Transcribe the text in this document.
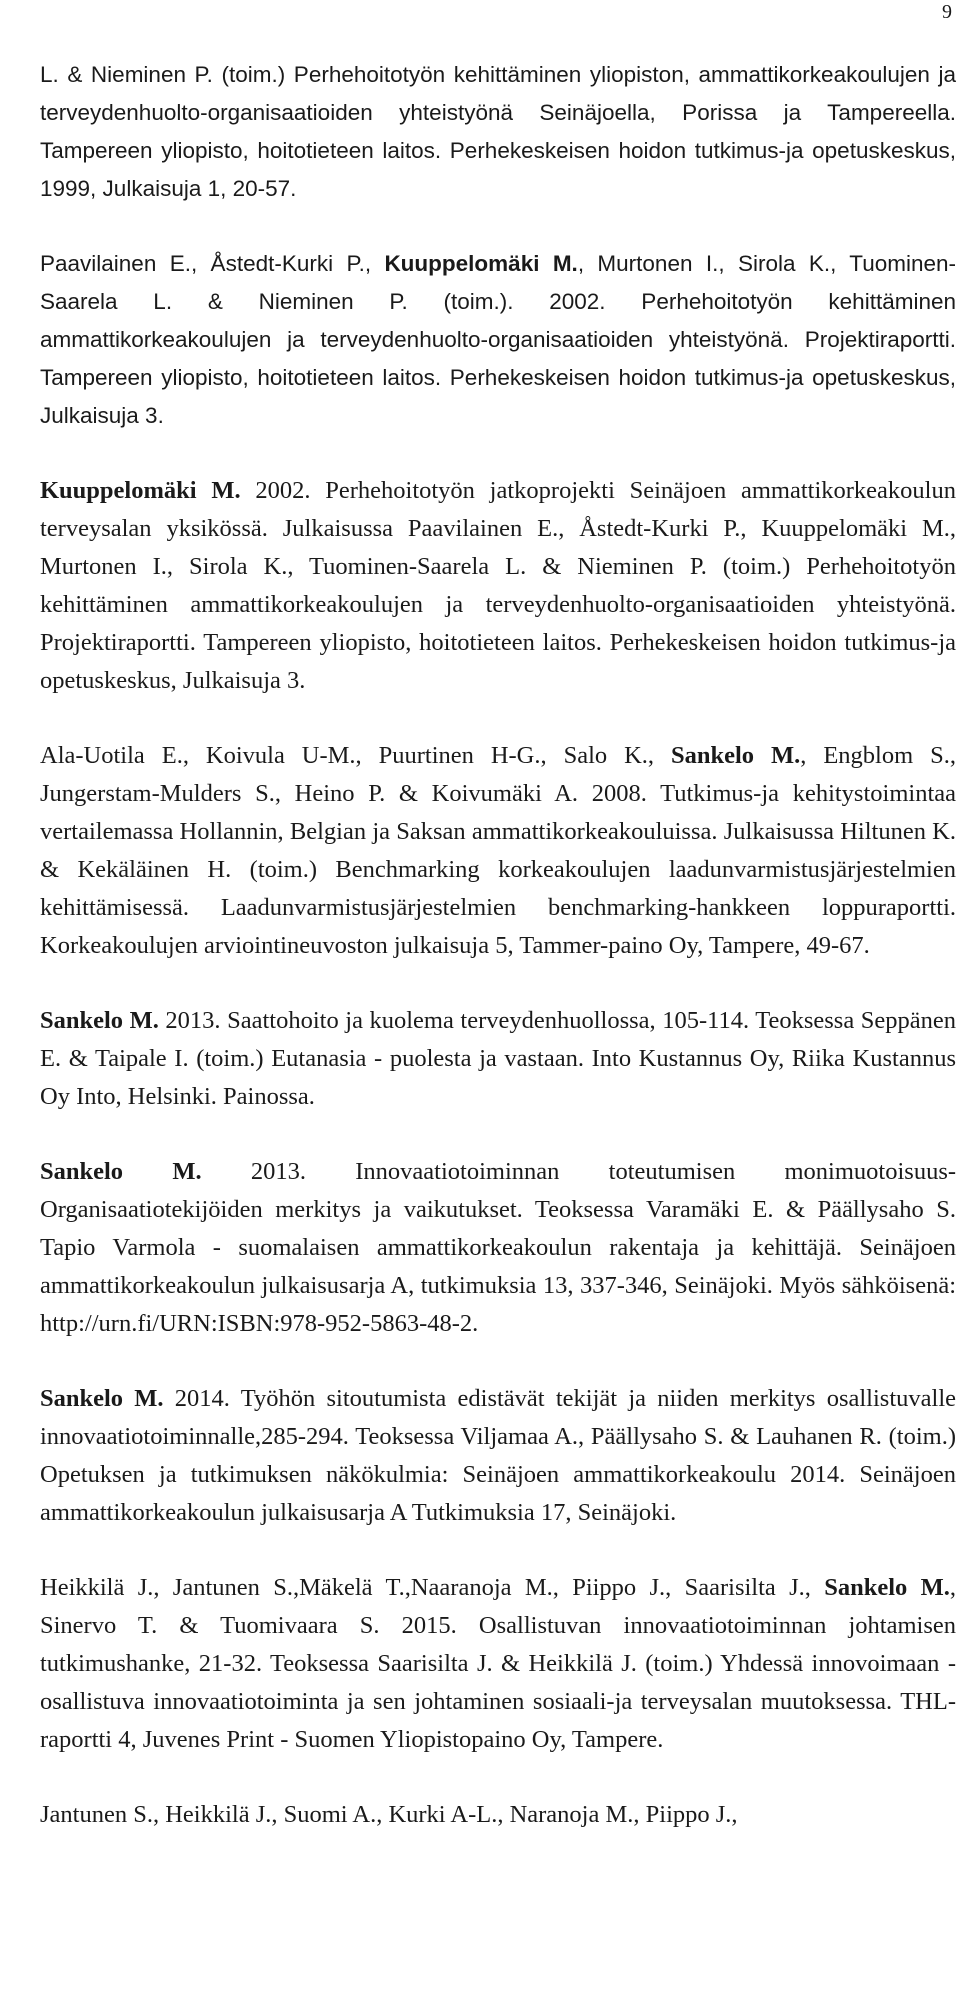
9

L. & Nieminen P. (toim.) Perhehoitotyön kehittäminen yliopiston, ammattikorkeakoulujen ja terveydenhuolto-organisaatioiden yhteistyönä Seinäjoella, Porissa ja Tampereella. Tampereen yliopisto, hoitotieteen laitos. Perhekeskeisen hoidon tutkimus-ja opetuskeskus, 1999, Julkaisuja 1, 20-57.

Paavilainen E., Åstedt-Kurki P., Kuuppelomäki M., Murtonen I., Sirola K., Tuominen-Saarela L. & Nieminen P. (toim.). 2002. Perhehoitotyön kehittäminen ammattikorkeakoulujen ja terveydenhuolto-organisaatioiden yhteistyönä. Projektiraportti. Tampereen yliopisto, hoitotieteen laitos. Perhekeskeisen hoidon tutkimus-ja opetuskeskus, Julkaisuja 3.

Kuuppelomäki M. 2002. Perhehoitotyön jatkoprojekti Seinäjoen ammattikorkeakoulun terveysalan yksikössä. Julkaisussa Paavilainen E., Åstedt-Kurki P., Kuuppelomäki M., Murtonen I., Sirola K., Tuominen-Saarela L. & Nieminen P. (toim.) Perhehoitotyön kehittäminen ammattikorkeakoulujen ja terveydenhuolto-organisaatioiden yhteistyönä. Projektiraportti. Tampereen yliopisto, hoitotieteen laitos. Perhekeskeisen hoidon tutkimus-ja opetuskeskus, Julkaisuja 3.

Ala-Uotila E., Koivula U-M., Puurtinen H-G., Salo K., Sankelo M., Engblom S., Jungerstam-Mulders S., Heino P. & Koivumäki A. 2008. Tutkimus-ja kehitystoimintaa vertailemassa Hollannin, Belgian ja Saksan ammattikorkeakouluissa. Julkaisussa Hiltunen K. & Kekäläinen H. (toim.) Benchmarking korkeakoulujen laadunvarmistusjärjestelmien kehittämisessä. Laadunvarmistusjärjestelmien benchmarking-hankkeen loppuraportti. Korkeakoulujen arviointineuvoston julkaisuja 5, Tammer-paino Oy, Tampere, 49-67.

Sankelo M. 2013. Saattohoito ja kuolema terveydenhuollossa, 105-114. Teoksessa Seppänen E. & Taipale I. (toim.) Eutanasia - puolesta ja vastaan. Into Kustannus Oy, Riika Kustannus Oy Into, Helsinki. Painossa.

Sankelo M. 2013. Innovaatiotoiminnan toteutumisen monimuotoisuus-Organisaatiotekijöiden merkitys ja vaikutukset. Teoksessa Varamäki E. & Päällysaho S. Tapio Varmola - suomalaisen ammattikorkeakoulun rakentaja ja kehittäjä. Seinäjoen ammattikorkeakoulun julkaisusarja A, tutkimuksia 13, 337-346, Seinäjoki. Myös sähköisenä: http://urn.fi/URN:ISBN:978-952-5863-48-2.

Sankelo M. 2014. Työhön sitoutumista edistävät tekijät ja niiden merkitys osallistuvalle innovaatiotoiminnalle,285-294. Teoksessa Viljamaa A., Päällysaho S. & Lauhanen R. (toim.) Opetuksen ja tutkimuksen näkökulmia: Seinäjoen ammattikorkeakoulu 2014. Seinäjoen ammattikorkeakoulun julkaisusarja A Tutkimuksia 17, Seinäjoki.

Heikkilä J., Jantunen S.,Mäkelä T.,Naaranoja M., Piippo J., Saarisilta J., Sankelo M., Sinervo T. & Tuomivaara S. 2015. Osallistuvan innovaatiotoiminnan johtamisen tutkimushanke, 21-32. Teoksessa Saarisilta J. & Heikkilä J. (toim.) Yhdessä innovoimaan - osallistuva innovaatiotoiminta ja sen johtaminen sosiaali-ja terveysalan muutoksessa. THL-raportti 4, Juvenes Print - Suomen Yliopistopaino Oy, Tampere.

Jantunen S., Heikkilä J., Suomi A., Kurki A-L., Naranoja M., Piippo J.,
